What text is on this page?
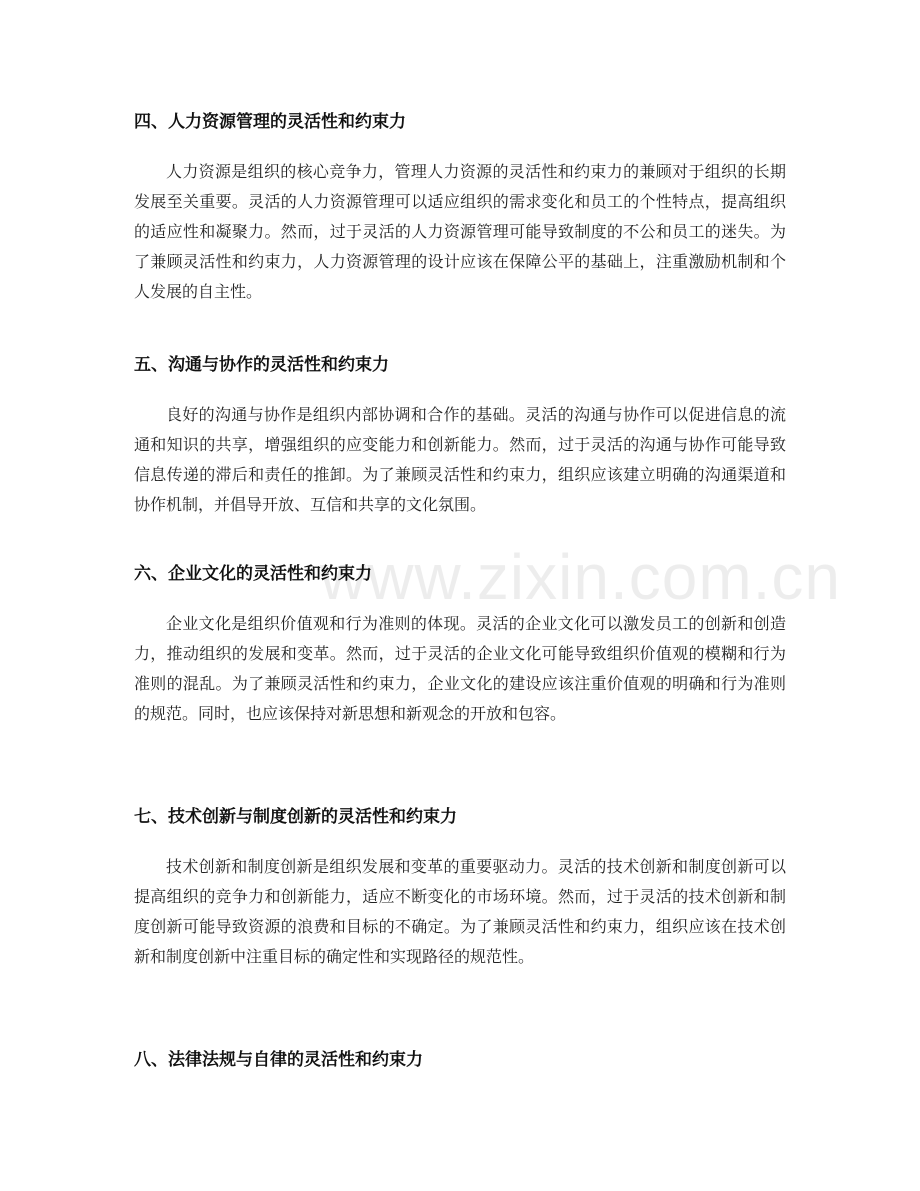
四、人力资源管理的灵活性和约束力

人力资源是组织的核心竞争力，管理人力资源的灵活性和约束力的兼顾对于组织的长期发展至关重要。灵活的人力资源管理可以适应组织的需求变化和员工的个性特点，提高组织的适应性和凝聚力。然而，过于灵活的人力资源管理可能导致制度的不公和员工的迷失。为了兼顾灵活性和约束力，人力资源管理的设计应该在保障公平的基础上，注重激励机制和个人发展的自主性。

五、沟通与协作的灵活性和约束力

良好的沟通与协作是组织内部协调和合作的基础。灵活的沟通与协作可以促进信息的流通和知识的共享，增强组织的应变能力和创新能力。然而，过于灵活的沟通与协作可能导致信息传递的滞后和责任的推卸。为了兼顾灵活性和约束力，组织应该建立明确的沟通渠道和协作机制，并倡导开放、互信和共享的文化氛围。

六、企业文化的灵活性和约束力

企业文化是组织价值观和行为准则的体现。灵活的企业文化可以激发员工的创新和创造力，推动组织的发展和变革。然而，过于灵活的企业文化可能导致组织价值观的模糊和行为准则的混乱。为了兼顾灵活性和约束力，企业文化的建设应该注重价值观的明确和行为准则的规范。同时，也应该保持对新思想和新观念的开放和包容。

七、技术创新与制度创新的灵活性和约束力

技术创新和制度创新是组织发展和变革的重要驱动力。灵活的技术创新和制度创新可以提高组织的竞争力和创新能力，适应不断变化的市场环境。然而，过于灵活的技术创新和制度创新可能导致资源的浪费和目标的不确定。为了兼顾灵活性和约束力，组织应该在技术创新和制度创新中注重目标的确定性和实现路径的规范性。

八、法律法规与自律的灵活性和约束力
www.zixin.com.cn
